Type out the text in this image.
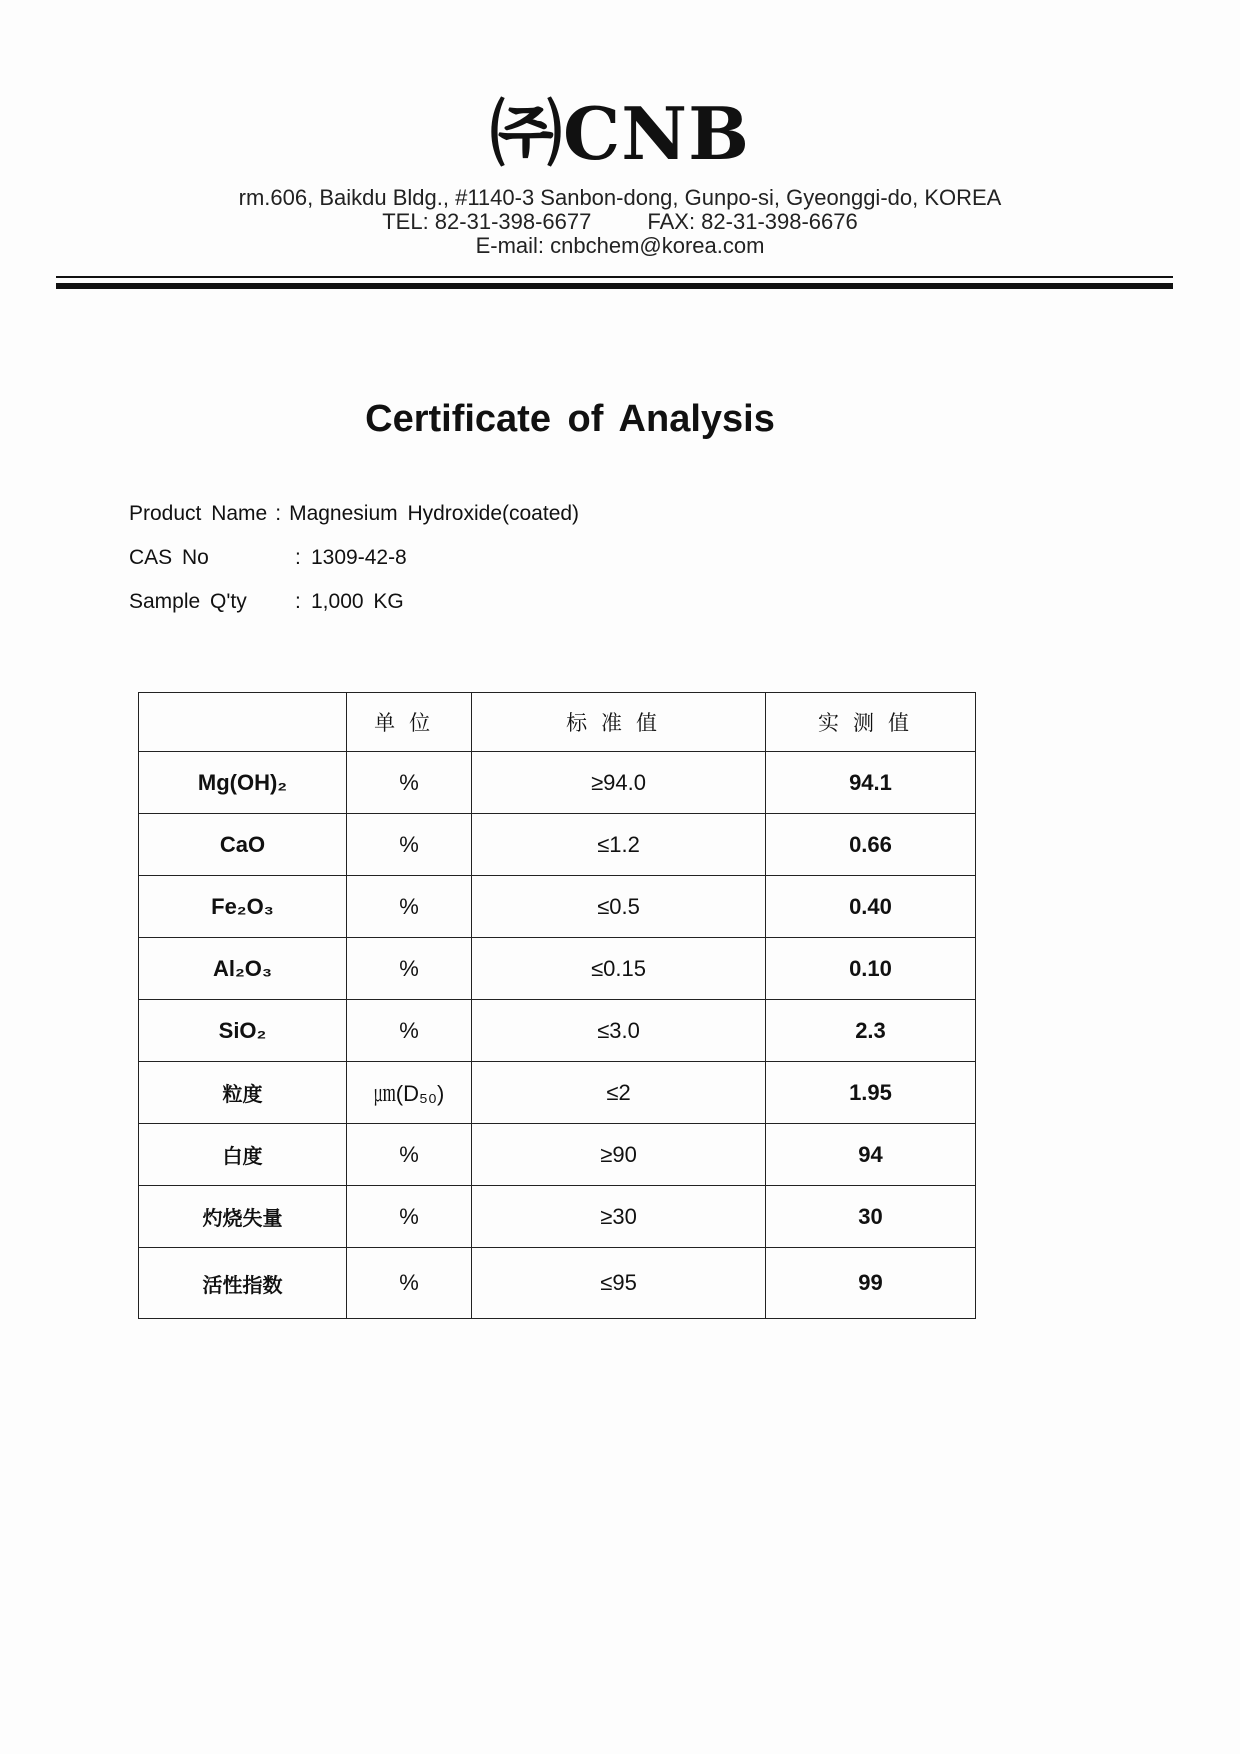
㈜CNB
rm.606, Baikdu Bldg., #1140-3 Sanbon-dong, Gunpo-si, Gyeonggi-do, KOREA
TEL: 82-31-398-6677	FAX: 82-31-398-6676
E-mail: cnbchem@korea.com
Certificate of Analysis
Product Name : Magnesium Hydroxide(coated)
CAS No	: 1309-42-8
Sample Q'ty : 1,000 KG
	单位	标准值	实测值
Mg(OH)₂	%	≥94.0	94.1
CaO	%	≤1.2	0.66
Fe₂O₃	%	≤0.5	0.40
Al₂O₃	%	≤0.15	0.10
SiO₂	%	≤3.0	2.3
粒度	㎛(D₅₀)	≤2	1.95
白度	%	≥90	94
灼烧失量	%	≥30	30
活性指数	%	≤95	99
